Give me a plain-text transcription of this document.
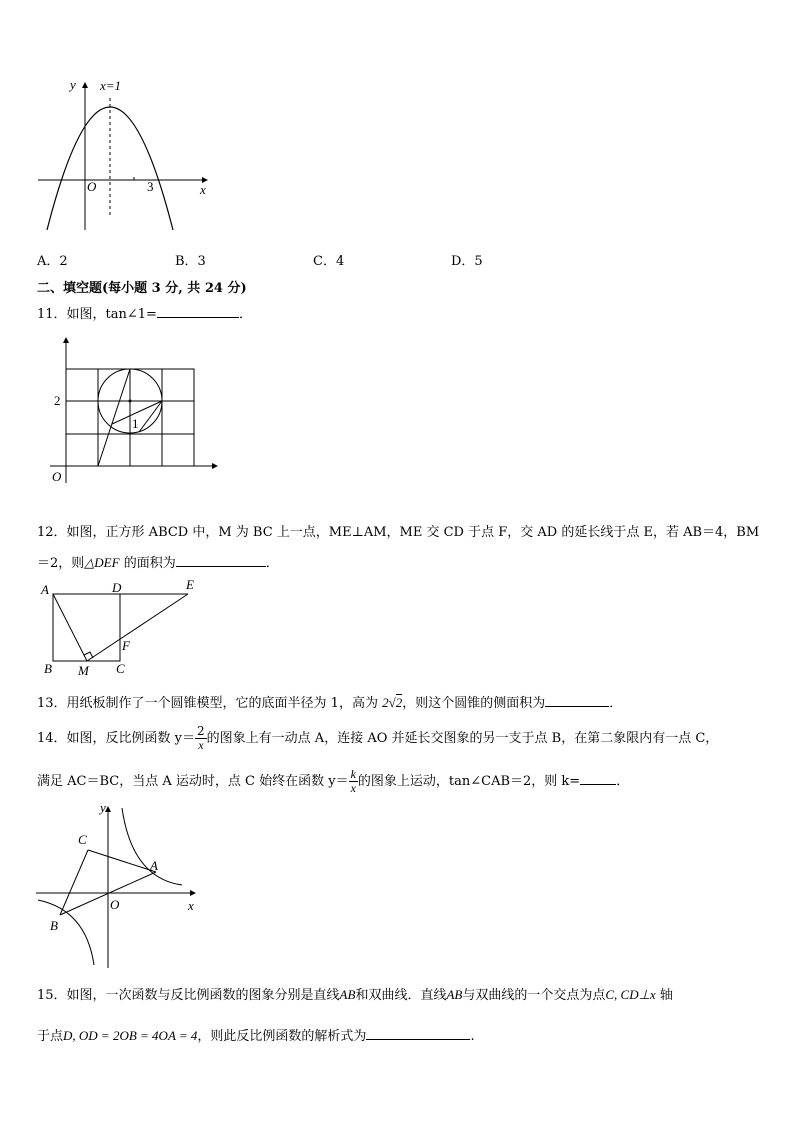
y x=1
O	3	x
A．2	B．3	C．4	D．5
二、填空题(每小题 3 分, 共 24 分)
11．如图，tan∠1=	．
2
O
1
12．如图，正方形 ABCD 中，M 为 BC 上一点，ME⊥AM，ME 交 CD 于点 F，交 AD 的延长线于点 E，若 AB＝4，BM
＝2，则△DEF 的面积为	．
A	D	E
F
B M C
13．用纸板制作了一个圆锥模型，它的底面半径为 1，高为 2√2，则这个圆锥的侧面积为	．
14．如图，反比例函数 $y= \frac{2}{x}$ 的图象上有一动点 A，连接 AO 并延长交图象的另一支于点 B，在第二象限内有一点 C，
满足 AC＝BC，当点 A 运动时，点 C 始终在函数 $y= \frac{k}{x}$ 的图象上运动，tan∠CAB＝2，则 k=	．
y
x
O
A
B
C
15．如图，一次函数与反比例函数的图象分别是直线AB和双曲线．直线AB与双曲线的一个交点为点C, CD⊥x 轴
于点D, OD = 2OB = 4OA = 4，则此反比例函数的解析式为	.
